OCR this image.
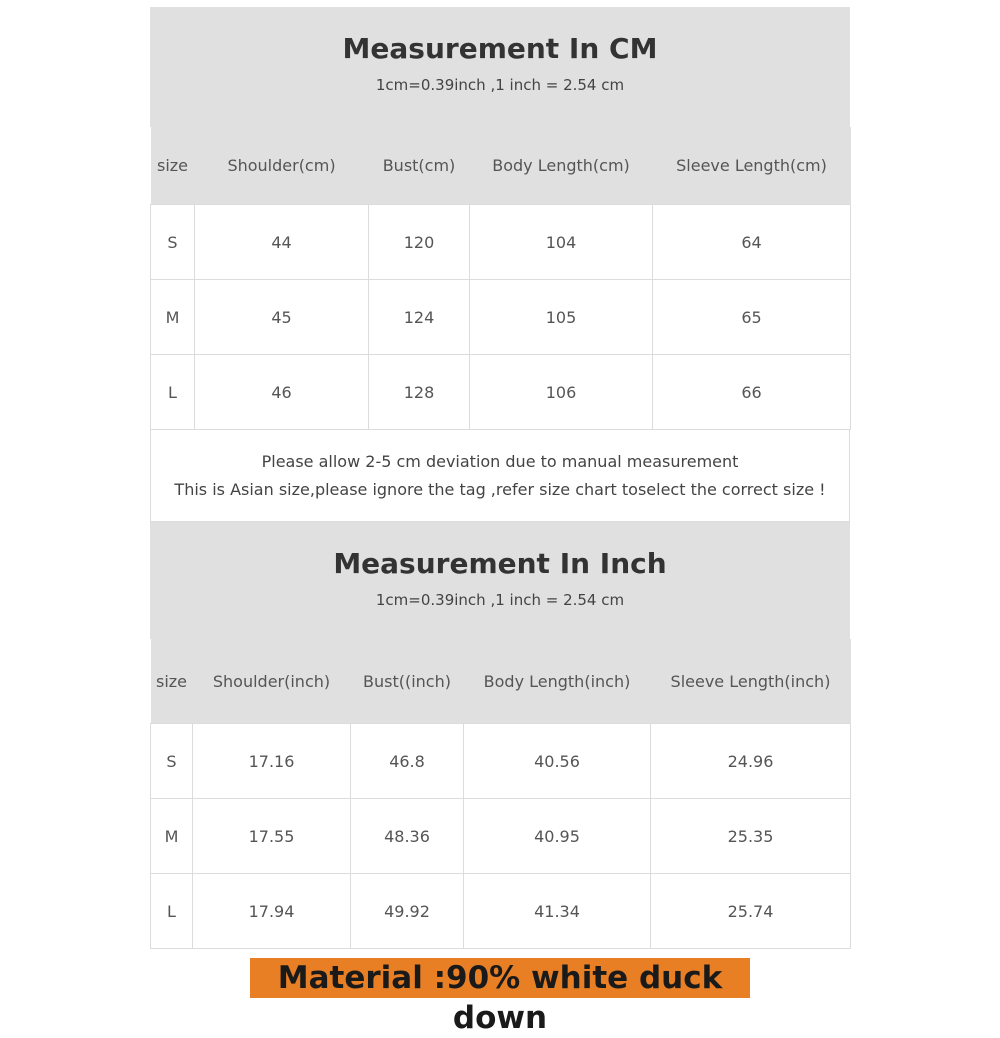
Measurement In CM
1cm=0.39inch ,1 inch = 2.54 cm
size	Shoulder(cm)	Bust(cm)	Body Length(cm)	Sleeve Length(cm)
S	44	120	104	64
M	45	124	105	65
L	46	128	106	66
Please allow 2-5 cm deviation due to manual measurement
This is Asian size,please ignore the tag ,refer size chart toselect the correct size !
Measurement In Inch
1cm=0.39inch ,1 inch = 2.54 cm
size	Shoulder(inch)	Bust((inch)	Body Length(inch)	Sleeve Length(inch)
S	17.16	46.8	40.56	24.96
M	17.55	48.36	40.95	25.35
L	17.94	49.92	41.34	25.74
Material :90% white duck down
